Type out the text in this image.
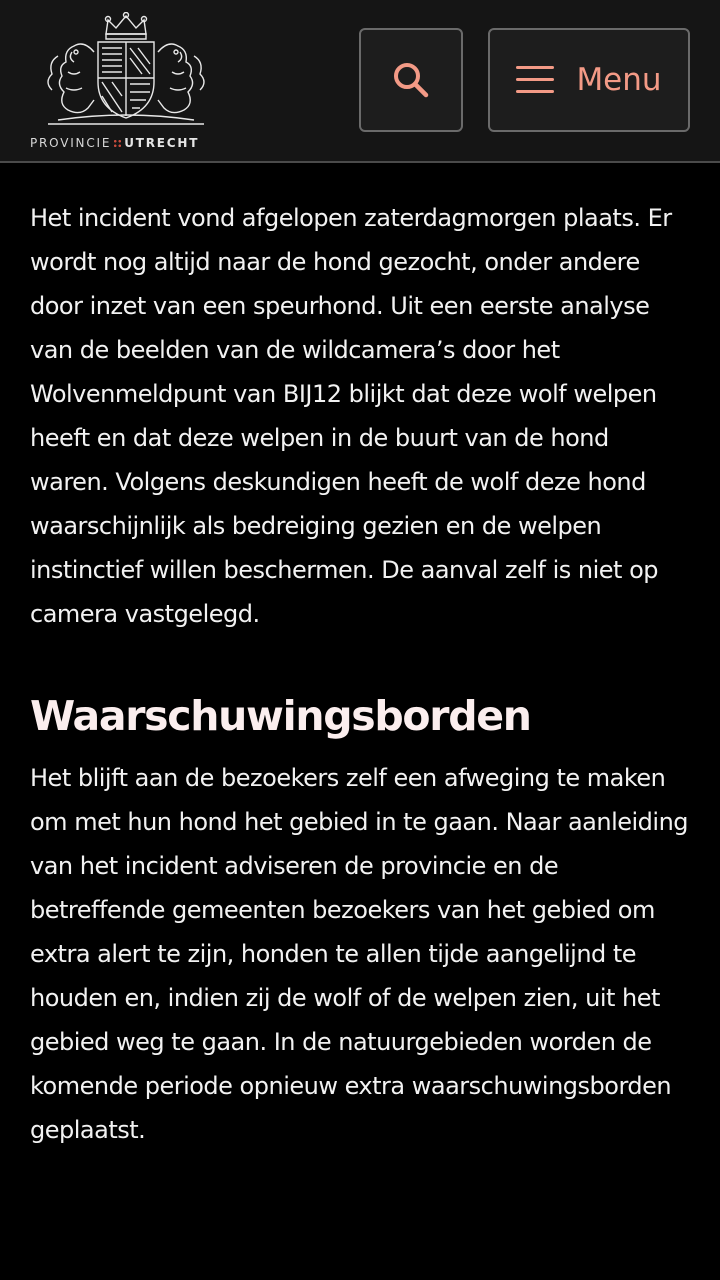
PROVINCIE UTRECHT
Menu

Het incident vond afgelopen zaterdagmorgen plaats. Er wordt nog altijd naar de hond gezocht, onder andere door inzet van een speurhond. Uit een eerste analyse van de beelden van de wildcamera’s door het Wolvenmeldpunt van BIJ12 blijkt dat deze wolf welpen heeft en dat deze welpen in de buurt van de hond waren. Volgens deskundigen heeft de wolf deze hond waarschijnlijk als bedreiging gezien en de welpen instinctief willen beschermen. De aanval zelf is niet op camera vastgelegd.

Waarschuwingsborden

Het blijft aan de bezoekers zelf een afweging te maken om met hun hond het gebied in te gaan. Naar aanleiding van het incident adviseren de provincie en de betreffende gemeenten bezoekers van het gebied om extra alert te zijn, honden te allen tijde aangelijnd te houden en, indien zij de wolf of de welpen zien, uit het gebied weg te gaan. In de natuurgebieden worden de komende periode opnieuw extra waarschuwingsborden geplaatst.
